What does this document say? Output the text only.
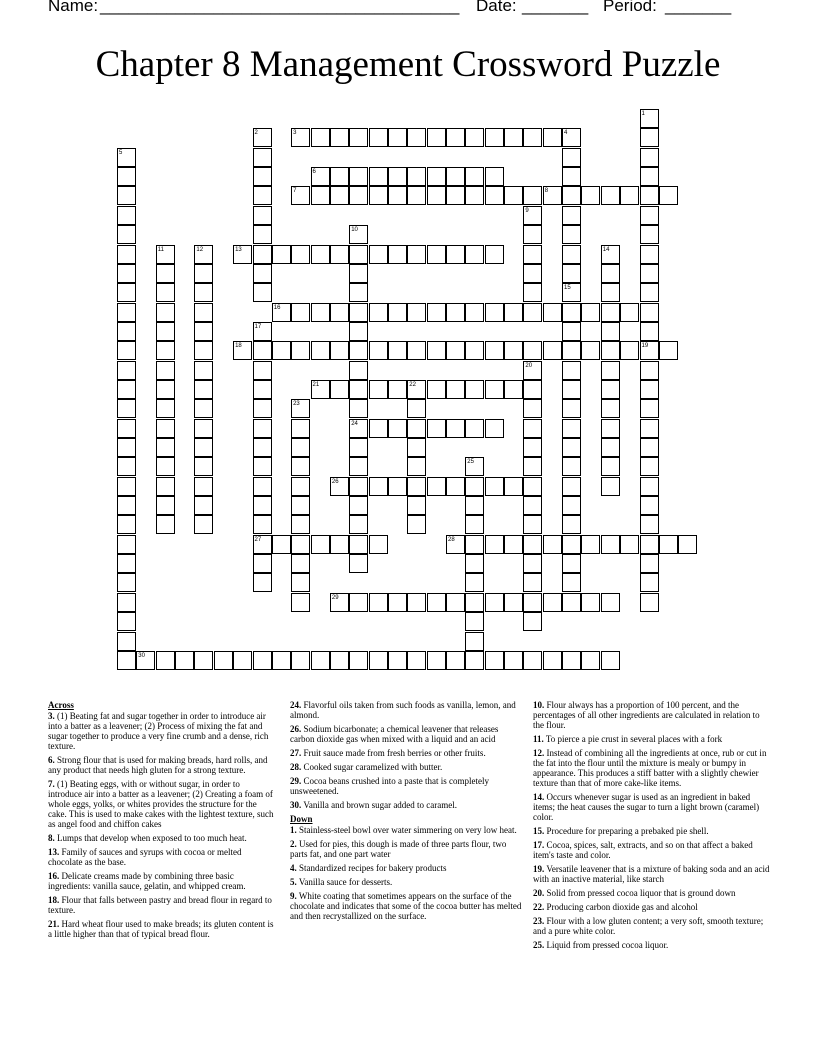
Name: ______________________________________ Date: _______ Period: _______
Chapter 8 Management Crossword Puzzle
3
6
7	8
13
16
18	19
21	22
24
26
27	28
29
30
1
2	4
5
9
10
11	12	14
15
17
20
23
25
Across
3. (1) Beating fat and sugar together in order to introduce air into a batter as a leavener; (2) Process of mixing the fat and sugar together to produce a very fine crumb and a dense, rich texture.
6. Strong flour that is used for making breads, hard rolls, and any product that needs high gluten for a strong texture.
7. (1) Beating eggs, with or without sugar, in order to introduce air into a batter as a leavener; (2) Creating a foam of whole eggs, yolks, or whites provides the structure for the cake. This is used to make cakes with the lightest texture, such as angel food and chiffon cakes
8. Lumps that develop when exposed to too much heat.
13. Family of sauces and syrups with cocoa or melted chocolate as the base.
16. Delicate creams made by combining three basic ingredients: vanilla sauce, gelatin, and whipped cream.
18. Flour that falls between pastry and bread flour in regard to texture.
21. Hard wheat flour used to make breads; its gluten content is a little higher than that of typical bread flour.
24. Flavorful oils taken from such foods as vanilla, lemon, and almond.
26. Sodium bicarbonate; a chemical leavener that releases carbon dioxide gas when mixed with a liquid and an acid
27. Fruit sauce made from fresh berries or other fruits.
28. Cooked sugar caramelized with butter.
29. Cocoa beans crushed into a paste that is completely unsweetened.
30. Vanilla and brown sugar added to caramel.
Down
1. Stainless-steel bowl over water simmering on very low heat.
2. Used for pies, this dough is made of three parts flour, two parts fat, and one part water
4. Standardized recipes for bakery products
5. Vanilla sauce for desserts.
9. White coating that sometimes appears on the surface of the chocolate and indicates that some of the cocoa butter has melted and then recrystallized on the surface.
10. Flour always has a proportion of 100 percent, and the percentages of all other ingredients are calculated in relation to the flour.
11. To pierce a pie crust in several places with a fork
12. Instead of combining all the ingredients at once, rub or cut in the fat into the flour until the mixture is mealy or bumpy in appearance. This produces a stiff batter with a slightly chewier texture than that of more cake-like items.
14. Occurs whenever sugar is used as an ingredient in baked items; the heat causes the sugar to turn a light brown (caramel) color.
15. Procedure for preparing a prebaked pie shell.
17. Cocoa, spices, salt, extracts, and so on that affect a baked item's taste and color.
19. Versatile leavener that is a mixture of baking soda and an acid with an inactive material, like starch
20. Solid from pressed cocoa liquor that is ground down
22. Producing carbon dioxide gas and alcohol
23. Flour with a low gluten content; a very soft, smooth texture; and a pure white color.
25. Liquid from pressed cocoa liquor.
